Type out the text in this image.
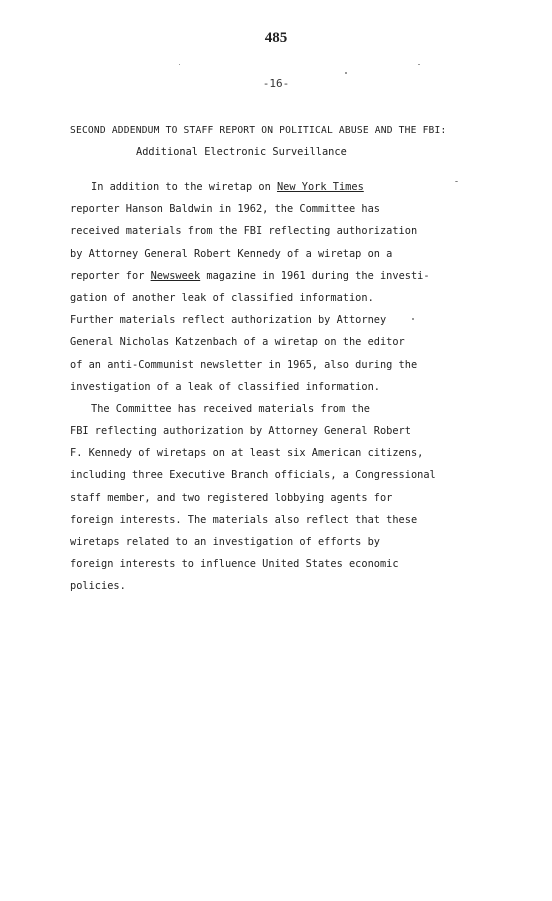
485
-16-
SECOND ADDENDUM TO STAFF REPORT ON POLITICAL ABUSE AND THE FBI:
Additional Electronic Surveillance
In addition to the wiretap on New York Times
reporter Hanson Baldwin in 1962, the Committee has
received materials from the FBI reflecting authorization
by Attorney General Robert Kennedy of a wiretap on a
reporter for Newsweek magazine in 1961 during the investi-
gation of another leak of classified information.
Further materials reflect authorization by Attorney
General Nicholas Katzenbach of a wiretap on the editor
of an anti-Communist newsletter in 1965, also during the
investigation of a leak of classified information.
The Committee has received materials from the
FBI reflecting authorization by Attorney General Robert
F. Kennedy of wiretaps on at least six American citizens,
including three Executive Branch officials, a Congressional
staff member, and two registered lobbying agents for
foreign interests. The materials also reflect that these
wiretaps related to an investigation of efforts by
foreign interests to influence United States economic
policies.
